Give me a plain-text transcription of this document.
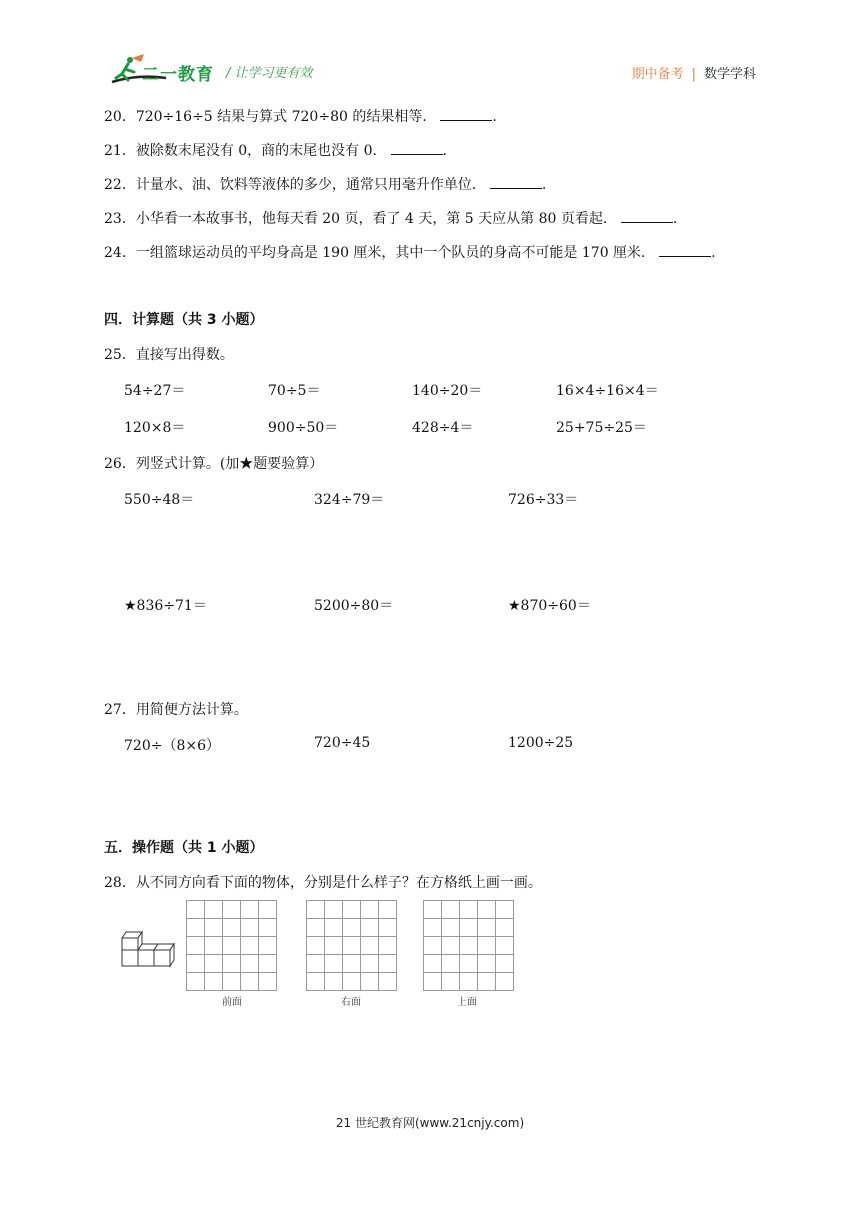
二一教育 / 让学习更有效	期中备考 | 数学学科
20．720÷16÷5 结果与算式 720÷80 的结果相等．	.
21．被除数末尾没有 0，商的末尾也没有 0．	.
22．计量水、油、饮料等液体的多少，通常只用毫升作单位．	.
23．小华看一本故事书，他每天看 20 页，看了 4 天，第 5 天应从第 80 页看起．	.
24．一组篮球运动员的平均身高是 190 厘米，其中一个队员的身高不可能是 170 厘米．	.
四．计算题（共 3 小题）
25．直接写出得数。
54÷27＝	70÷5＝	140÷20＝	16×4÷16×4＝
120×8＝	900÷50＝	428÷4＝	25+75÷25＝
26．列竖式计算。(加★题要验算）
550÷48＝	324÷79＝	726÷33＝
★836÷71＝	5200÷80＝	★870÷60＝
27．用简便方法计算。
720÷（8×6）	720÷45	1200÷25
五．操作题（共 1 小题）
28．从不同方向看下面的物体，分别是什么样子？在方格纸上画一画。
前面	右面	上面
21 世纪教育网(www.21cnjy.com)
